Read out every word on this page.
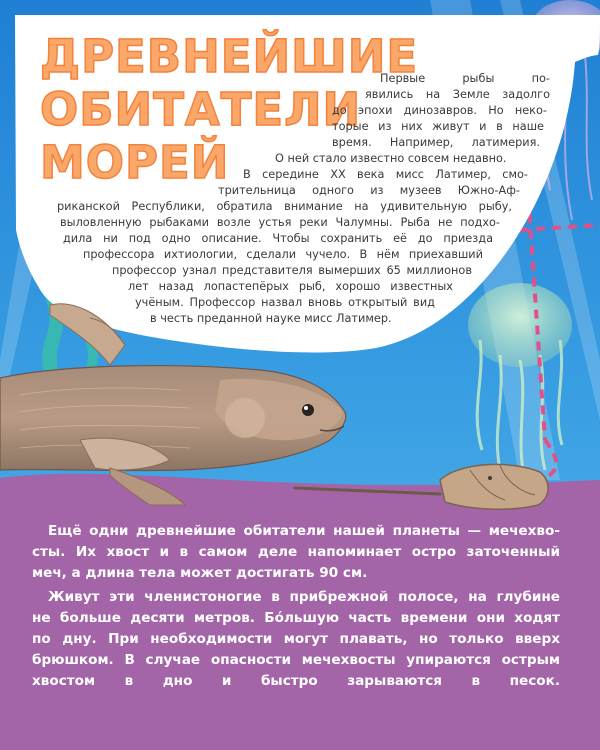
ДРЕВНЕЙШИЕ
ОБИТАТЕЛИ
МОРЕЙ
Первые рыбы по-
явились на Земле задолго
до эпохи динозавров. Но неко-
торые из них живут и в наше
время. Например, латимерия.
О ней стало известно совсем недавно.
В середине XX века мисс Латимер, смо-
трительница одного из музеев Южно-Аф-
риканской Республики, обратила внимание на удивительную рыбу,
выловленную рыбаками возле устья реки Чалумны. Рыба не подхо-
дила ни под одно описание. Чтобы сохранить её до приезда
профессора ихтиологии, сделали чучело. В нём приехавший
профессор узнал представителя вымерших 65 миллионов
лет назад лопастепёрых рыб, хорошо известных
учёным. Профессор назвал вновь открытый вид
в честь преданной науке мисс Латимер.
Ещё одни древнейшие обитатели нашей планеты — мечехво-
сты. Их хвост и в самом деле напоминает остро заточенный
меч, а длина тела может достигать 90 см.
Живут эти членистоногие в прибрежной полосе, на глубине
не больше десяти метров. Бо́льшую часть времени они ходят
по дну. При необходимости могут плавать, но только вверх
брюшком. В случае опасности мечехвосты упираются острым
хвостом в дно и быстро зарываются в песок.
